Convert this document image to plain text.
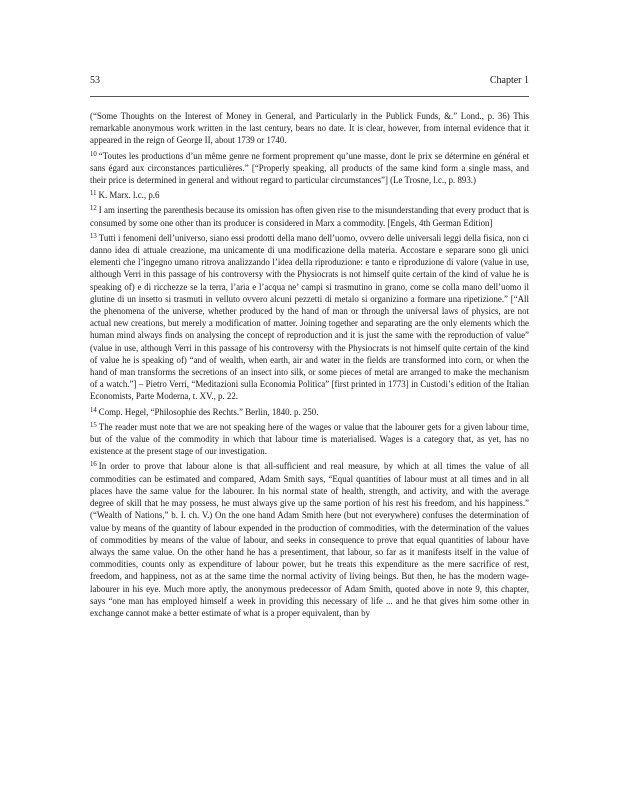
53	Chapter 1

(“Some Thoughts on the Interest of Money in General, and Particularly in the Publick Funds, &.” Lond., p. 36) This remarkable anonymous work written in the last century, bears no date. It is clear, however, from internal evidence that it appeared in the reign of George II, about 1739 or 1740.

$^{10}$ “Toutes les productions d’un même genre ne forment proprement qu’une masse, dont le prix se détermine en général et sans égard aux circonstances particulières.” [“Properly speaking, all products of the same kind form a single mass, and their price is determined in general and without regard to particular circumstances”] (Le Trosne, l.c., p. 893.)

$^{11}$ K. Marx. l.c., p.6

$^{12}$ I am inserting the parenthesis because its omission has often given rise to the misunderstanding that every product that is consumed by some one other than its producer is considered in Marx a commodity. [Engels, 4th German Edition]

$^{13}$ Tutti i fenomeni dell’universo, siano essi prodotti della mano dell’uomo, ovvero delle universali leggi della fisica, non ci danno idea di attuale creazione, ma unicamente di una modificazione della materia. Accostare e separare sono gli unici elementi che l’ingegno umano ritrova analizzando l’idea della riproduzione: e tanto e riproduzione di valore (value in use, although Verri in this passage of his controversy with the Physiocrats is not himself quite certain of the kind of value he is speaking of) e di ricchezze se la terra, l’aria e l’acqua ne’ campi si trasmutino in grano, come se colla mano dell’uomo il glutine di un insetto si trasmuti in velluto ovvero alcuni pezzetti di metalo si organizino a formare una ripetizione.” [“All the phenomena of the universe, whether produced by the hand of man or through the universal laws of physics, are not actual new creations, but merely a modification of matter. Joining together and separating are the only elements which the human mind always finds on analysing the concept of reproduction and it is just the same with the reproduction of value” (value in use, although Verri in this passage of his controversy with the Physiocrats is not himself quite certain of the kind of value he is speaking of) “and of wealth, when earth, air and water in the fields are transformed into corn, or when the hand of man transforms the secretions of an insect into silk, or some pieces of metal are arranged to make the mechanism of a watch.”] – Pietro Verri, “Meditazioni sulla Economia Politica” [first printed in 1773] in Custodi’s edition of the Italian Economists, Parte Moderna, t. XV., p. 22.

$^{14}$ Comp. Hegel, “Philosophie des Rechts.” Berlin, 1840. p. 250.

$^{15}$ The reader must note that we are not speaking here of the wages or value that the labourer gets for a given labour time, but of the value of the commodity in which that labour time is materialised. Wages is a category that, as yet, has no existence at the present stage of our investigation.

$^{16}$ In order to prove that labour alone is that all-sufficient and real measure, by which at all times the value of all commodities can be estimated and compared, Adam Smith says, “Equal quantities of labour must at all times and in all places have the same value for the labourer. In his normal state of health, strength, and activity, and with the average degree of skill that he may possess, he must always give up the same portion of his rest his freedom, and his happiness.” (“Wealth of Nations,” b. I. ch. V.) On the one hand Adam Smith here (but not everywhere) confuses the determination of value by means of the quantity of labour expended in the production of commodities, with the determination of the values of commodities by means of the value of labour, and seeks in consequence to prove that equal quantities of labour have always the same value. On the other hand he has a presentiment, that labour, so far as it manifests itself in the value of commodities, counts only as expenditure of labour power, but he treats this expenditure as the mere sacrifice of rest, freedom, and happiness, not as at the same time the normal activity of living beings. But then, he has the modern wage-labourer in his eye. Much more aptly, the anonymous predecessor of Adam Smith, quoted above in note 9, this chapter, says “one man has employed himself a week in providing this necessary of life ... and he that gives him some other in exchange cannot make a better estimate of what is a proper equivalent, than by
